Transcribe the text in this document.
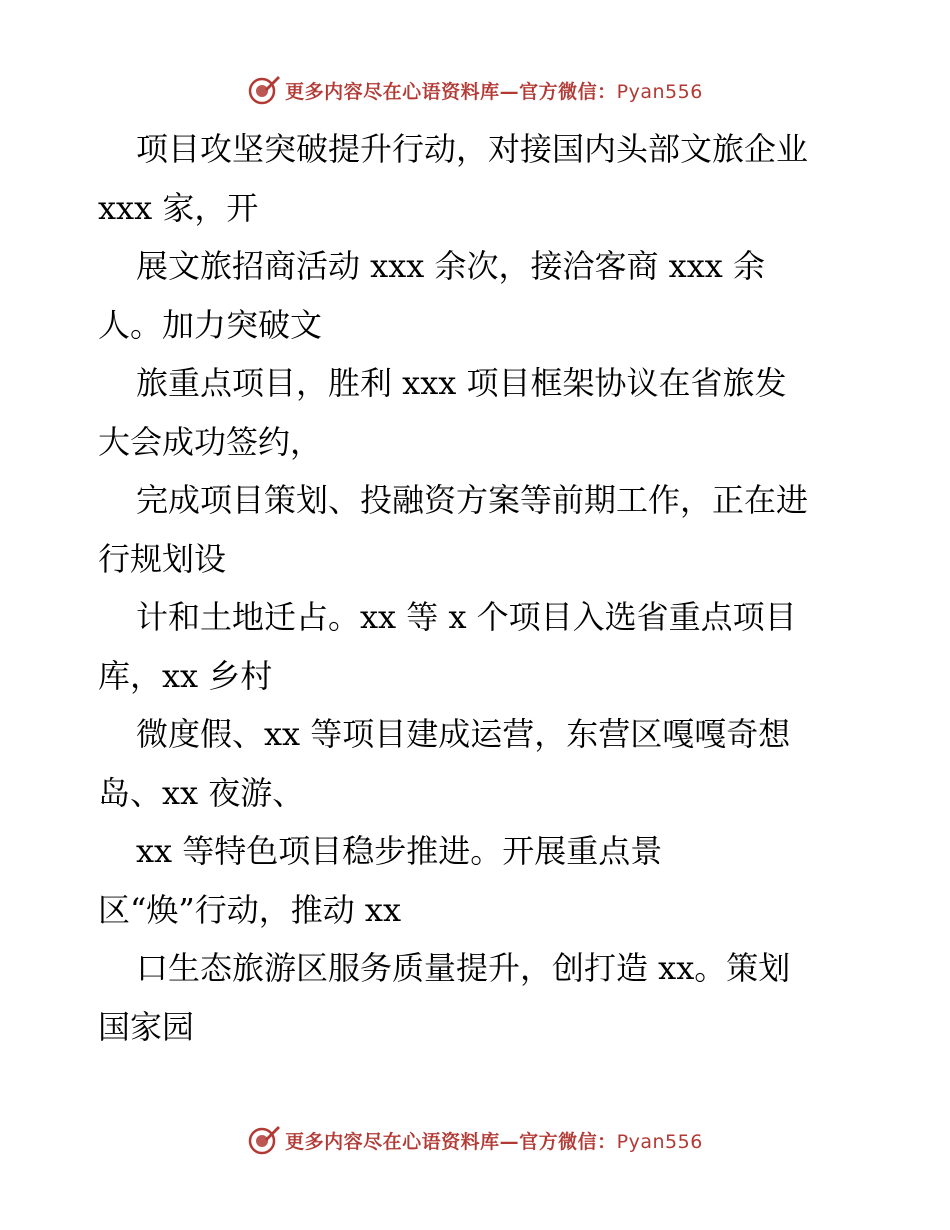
更多内容尽在心语资料库—官方微信：Pyan556
项目攻坚突破提升行动，对接国内头部文旅企业
xxx 家，开
展文旅招商活动 xxx 余次，接洽客商 xxx 余
人。加力突破文
旅重点项目，胜利 xxx 项目框架协议在省旅发
大会成功签约，
完成项目策划、投融资方案等前期工作，正在进
行规划设
计和土地迁占。xx 等 x 个项目入选省重点项目
库，xx 乡村
微度假、xx 等项目建成运营，东营区嘎嘎奇想
岛、xx 夜游、
xx 等特色项目稳步推进。开展重点景
区“焕”行动，推动 xx
口生态旅游区服务质量提升，创打造 xx。策划
国家园
更多内容尽在心语资料库—官方微信：Pyan556
